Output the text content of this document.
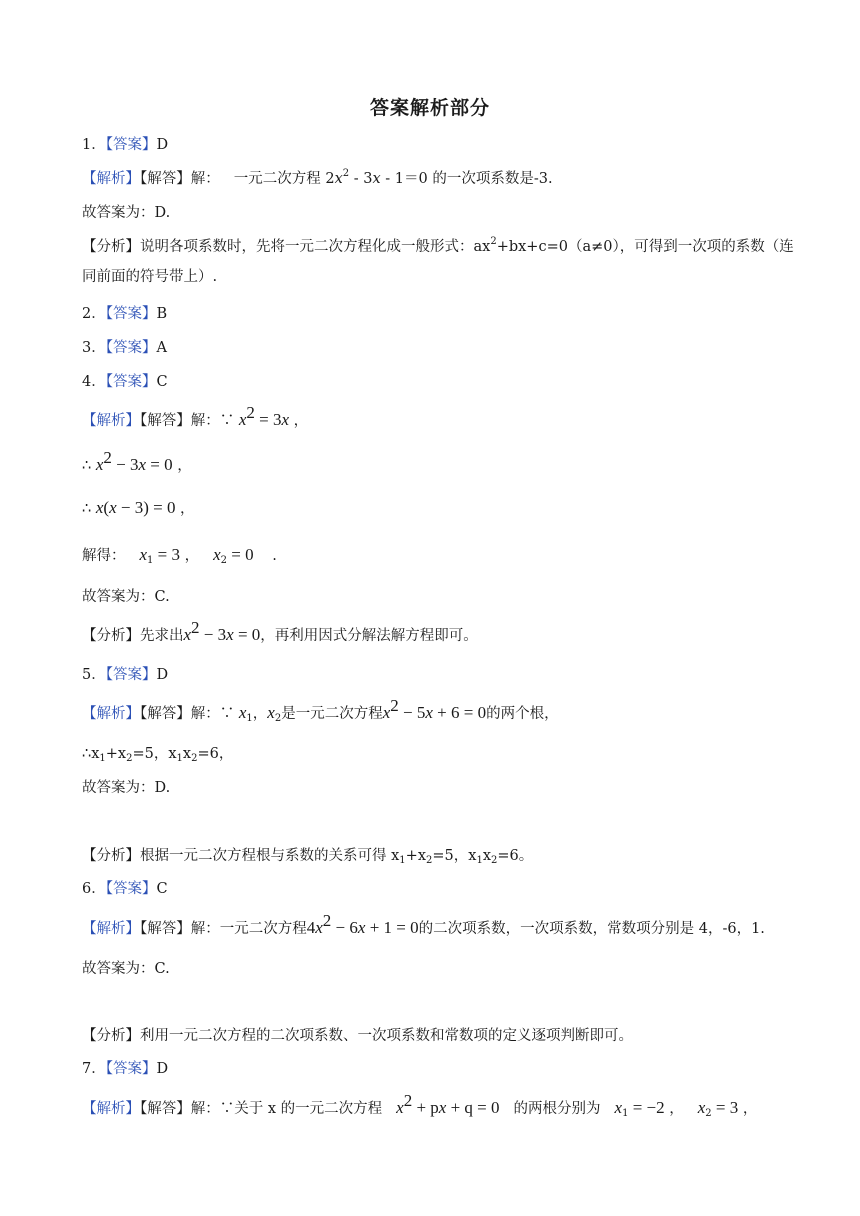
答案解析部分
1．【答案】D
【解析】【解答】解： 一元二次方程 $2x^2 - 3x - 1=0$ 的一次项系数是-3.
故答案为：D.
【分析】说明各项系数时，先将一元二次方程化成一般形式：$ax^2+bx+c=0(a\ne 0)$，可得到一次项的系数（连
同前面的符号带上）.
2．【答案】B
3．【答案】A
4．【答案】C
【解析】【解答】解：∵ $x^2 = 3x$ ，
∴ $x^2 - 3x = 0$ ，
∴ x(x − 3) = 0 ，
解得： $x_1 = 3$ ， $x_2 = 0$ .
故答案为：C.
【分析】先求出$x^2 - 3x = 0$，再利用因式分解法解方程即可。
5．【答案】D
【解析】【解答】解：∵ $x_1$，$x_2$是一元二次方程$x^2 - 5x + 6 = 0$的两个根，
$\therefore x_1+x_2=5$，$x_1x_2=6$，
故答案为：D.
【分析】根据一元二次方程根与系数的关系可得 $x_1+x_2=5$，$x_1x_2=6$。
6．【答案】C
【解析】【解答】解：一元二次方程$4x^2 - 6x + 1 = 0$的二次项系数，一次项系数，常数项分别是 4，-6，1.
故答案为：C.
【分析】利用一元二次方程的二次项系数、一次项系数和常数项的定义逐项判断即可。
7．【答案】D
【解析】【解答】解：∵关于 x 的一元二次方程 $x^2$ + px + q = 0 的两根分别为 $x_1 = -2$ ， $x_2 = 3$ ，
